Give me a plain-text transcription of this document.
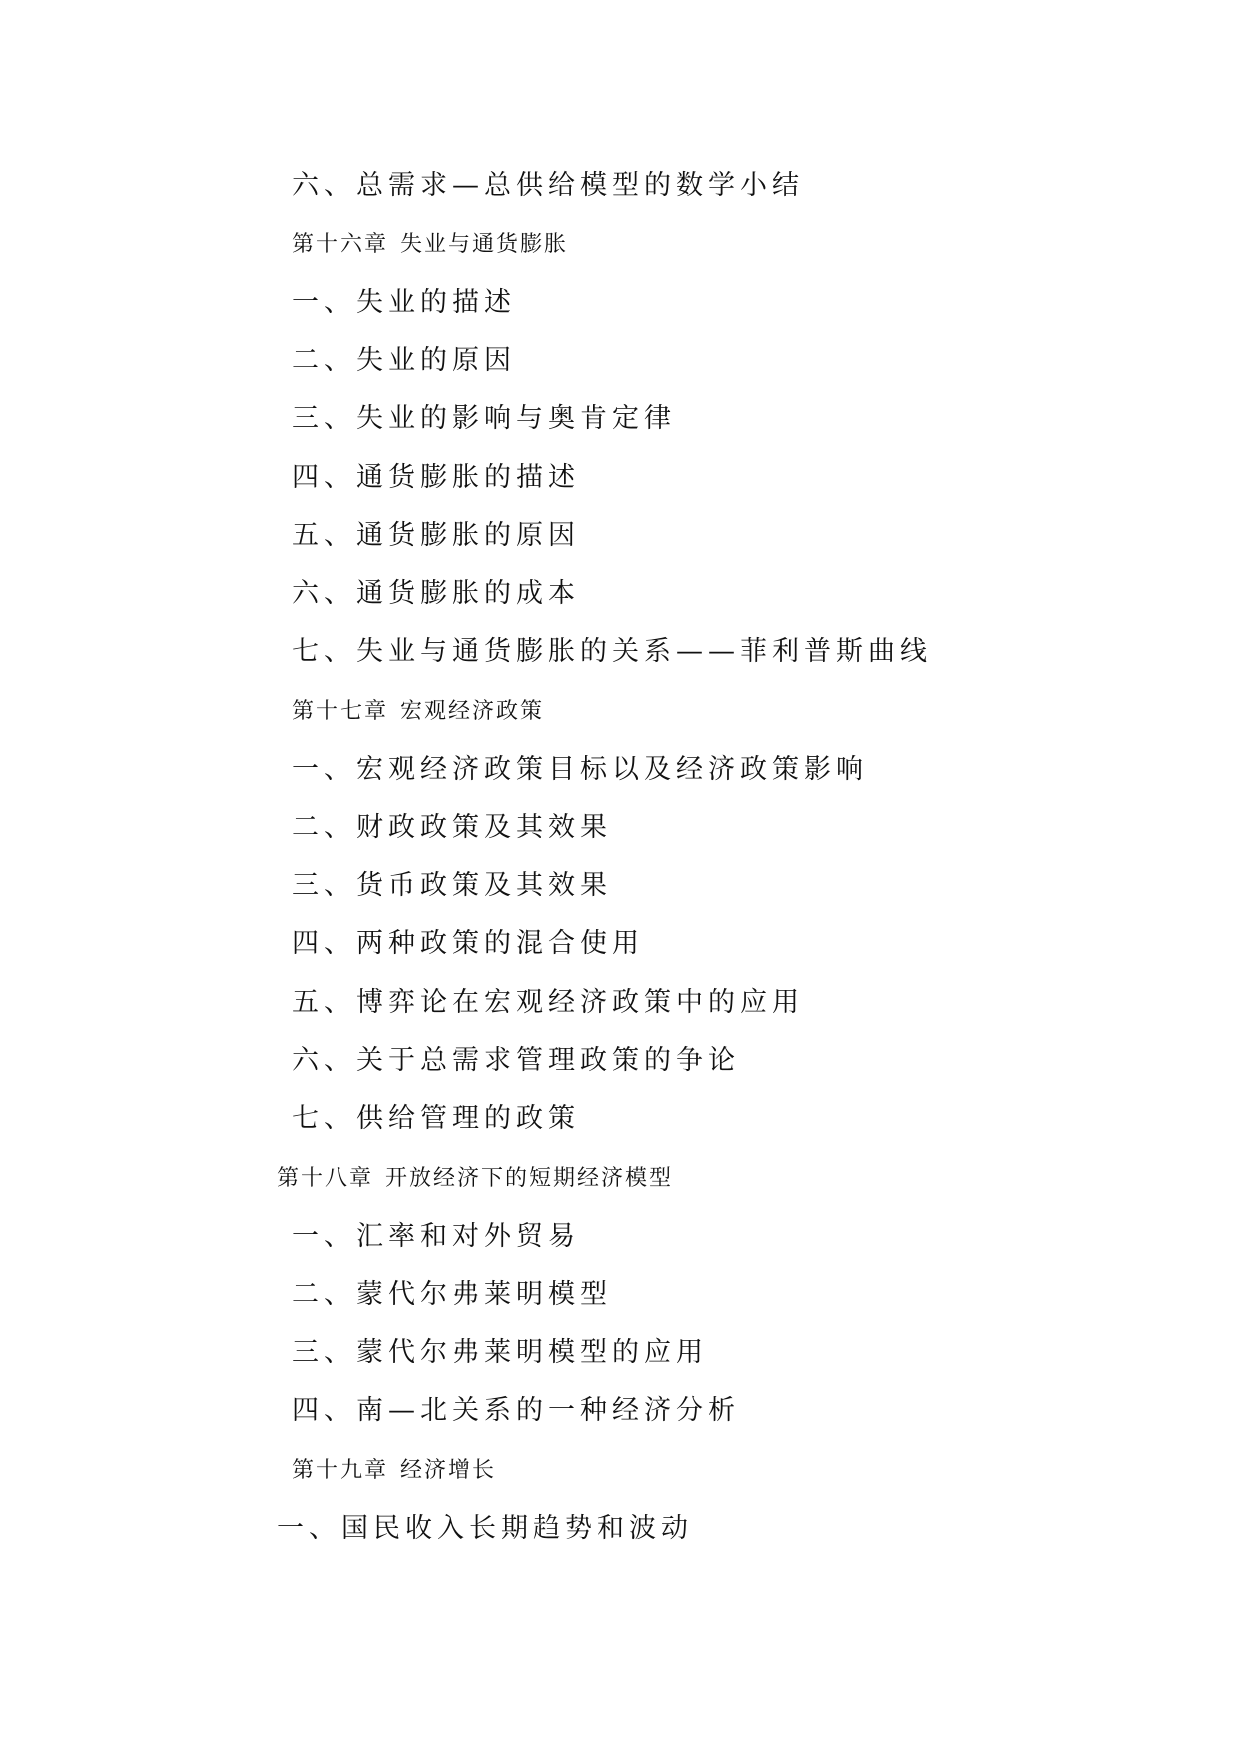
六、总需求—总供给模型的数学小结
第十六章 失业与通货膨胀
一、失业的描述
二、失业的原因
三、失业的影响与奥肯定律
四、通货膨胀的描述
五、通货膨胀的原因
六、通货膨胀的成本
七、失业与通货膨胀的关系——菲利普斯曲线
第十七章 宏观经济政策
一、宏观经济政策目标以及经济政策影响
二、财政政策及其效果
三、货币政策及其效果
四、两种政策的混合使用
五、博弈论在宏观经济政策中的应用
六、关于总需求管理政策的争论
七、供给管理的政策
第十八章 开放经济下的短期经济模型
一、汇率和对外贸易
二、蒙代尔弗莱明模型
三、蒙代尔弗莱明模型的应用
四、南—北关系的一种经济分析
第十九章 经济增长
一、国民收入长期趋势和波动
